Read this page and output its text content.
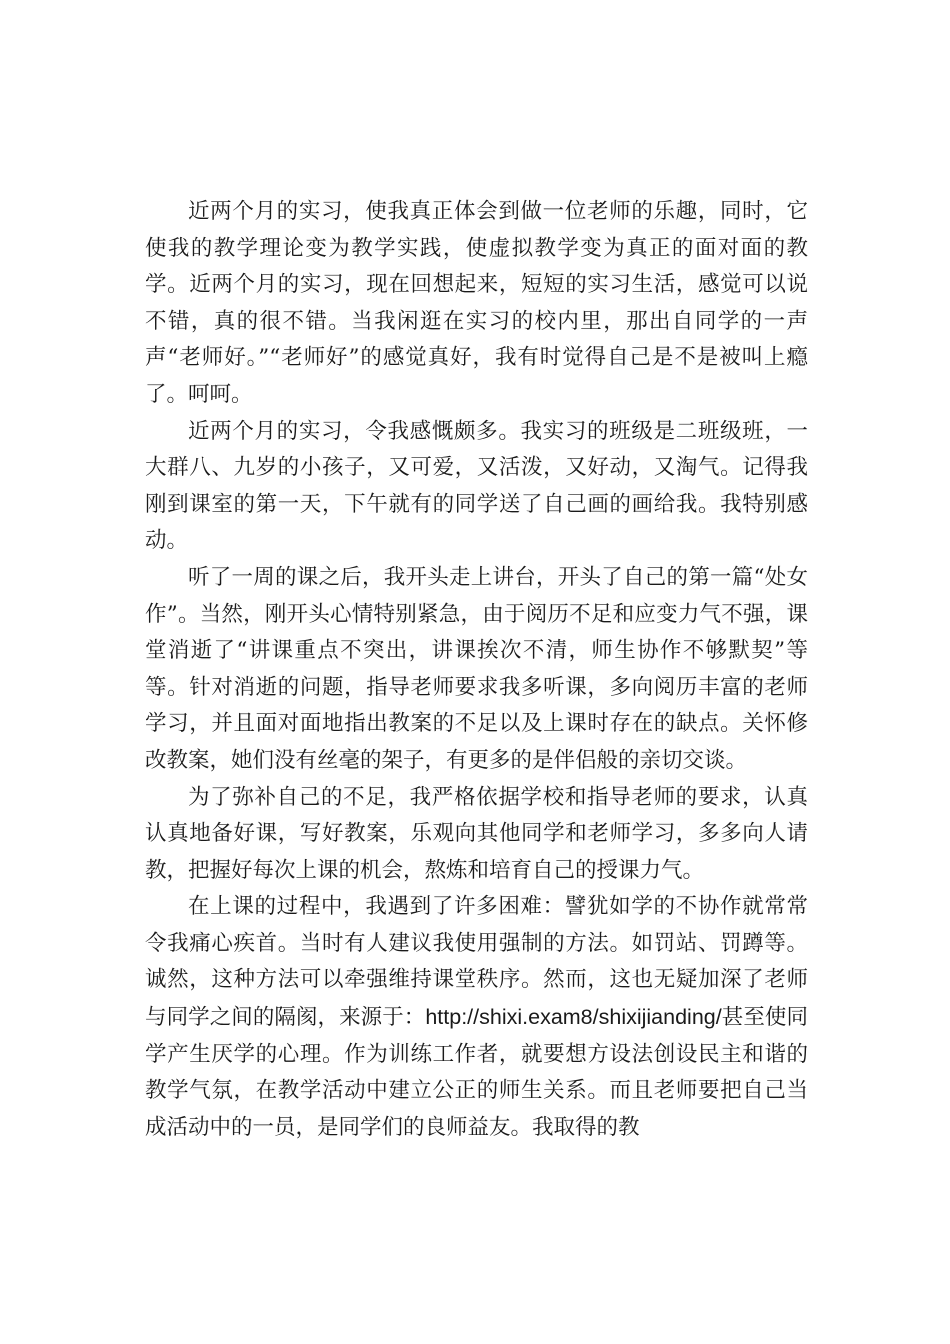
近两个月的实习，使我真正体会到做一位老师的乐趣，同时，它使我的教学理论变为教学实践，使虚拟教学变为真正的面对面的教学。近两个月的实习，现在回想起来，短短的实习生活，感觉可以说不错，真的很不错。当我闲逛在实习的校内里，那出自同学的一声声“老师好。”“老师好”的感觉真好，我有时觉得自己是不是被叫上瘾了。呵呵。

近两个月的实习，令我感慨颇多。我实习的班级是二班级班，一大群八、九岁的小孩子，又可爱，又活泼，又好动，又淘气。记得我刚到课室的第一天，下午就有的同学送了自己画的画给我。我特别感动。

听了一周的课之后，我开头走上讲台，开头了自己的第一篇“处女作”。当然，刚开头心情特别紧急，由于阅历不足和应变力气不强，课堂消逝了“讲课重点不突出，讲课挨次不清，师生协作不够默契”等等。针对消逝的问题，指导老师要求我多听课，多向阅历丰富的老师学习，并且面对面地指出教案的不足以及上课时存在的缺点。关怀修改教案，她们没有丝毫的架子，有更多的是伴侣般的亲切交谈。

为了弥补自己的不足，我严格依据学校和指导老师的要求，认真认真地备好课，写好教案，乐观向其他同学和老师学习，多多向人请教，把握好每次上课的机会，熬炼和培育自己的授课力气。

在上课的过程中，我遇到了许多困难：譬犹如学的不协作就常常令我痛心疾首。当时有人建议我使用强制的方法。如罚站、罚蹲等。诚然，这种方法可以牵强维持课堂秩序。然而，这也无疑加深了老师与同学之间的隔阂，来源于：http://shixi.exam8/shixijianding/甚至使同学产生厌学的心理。作为训练工作者，就要想方设法创设民主和谐的教学气氛，在教学活动中建立公正的师生关系。而且老师要把自己当成活动中的一员，是同学们的良师益友。我取得的教
